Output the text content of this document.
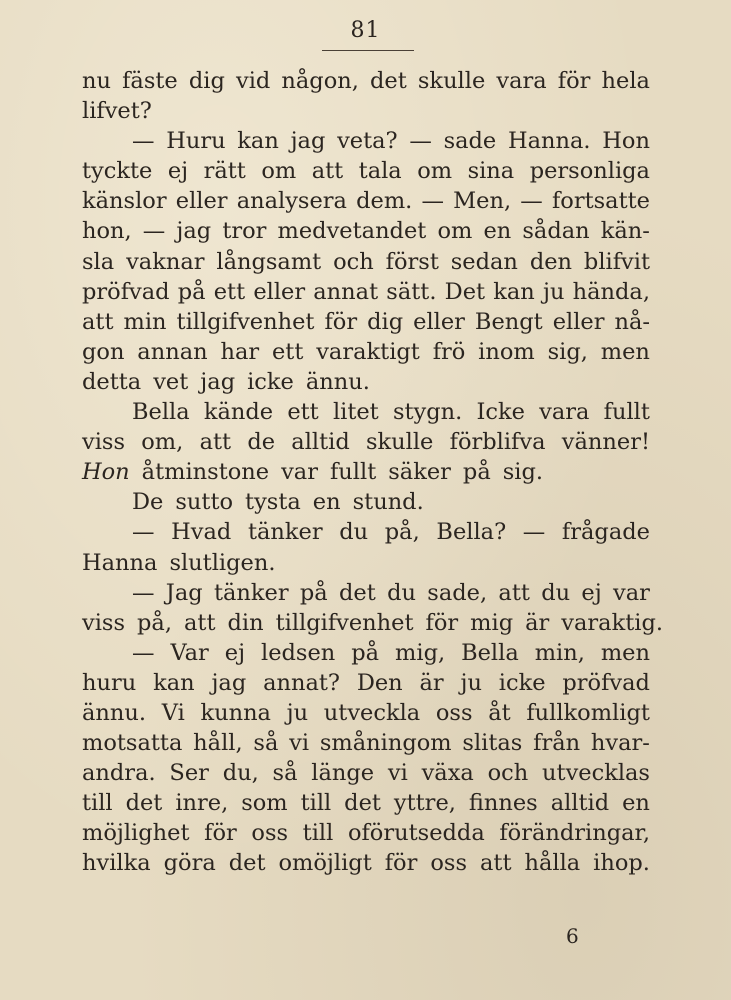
81
nu fäste dig vid någon, det skulle vara för hela
lifvet?
— Huru kan jag veta? — sade Hanna. Hon
tyckte ej rätt om att tala om sina personliga
känslor eller analysera dem. — Men, — fortsatte
hon, — jag tror medvetandet om en sådan kän-
sla vaknar långsamt och först sedan den blifvit
pröfvad på ett eller annat sätt. Det kan ju hända,
att min tillgifvenhet för dig eller Bengt eller nå-
gon annan har ett varaktigt frö inom sig, men
detta vet jag icke ännu.
Bella kände ett litet stygn. Icke vara fullt
viss om, att de alltid skulle förblifva vänner!
Hon åtminstone var fullt säker på sig.
De sutto tysta en stund.
— Hvad tänker du på, Bella? — frågade
Hanna slutligen.
— Jag tänker på det du sade, att du ej var
viss på, att din tillgifvenhet för mig är varaktig.
— Var ej ledsen på mig, Bella min, men
huru kan jag annat? Den är ju icke pröfvad
ännu. Vi kunna ju utveckla oss åt fullkomligt
motsatta håll, så vi småningom slitas från hvar-
andra. Ser du, så länge vi växa och utvecklas
till det inre, som till det yttre, finnes alltid en
möjlighet för oss till oförutsedda förändringar,
hvilka göra det omöjligt för oss att hålla ihop.
6
